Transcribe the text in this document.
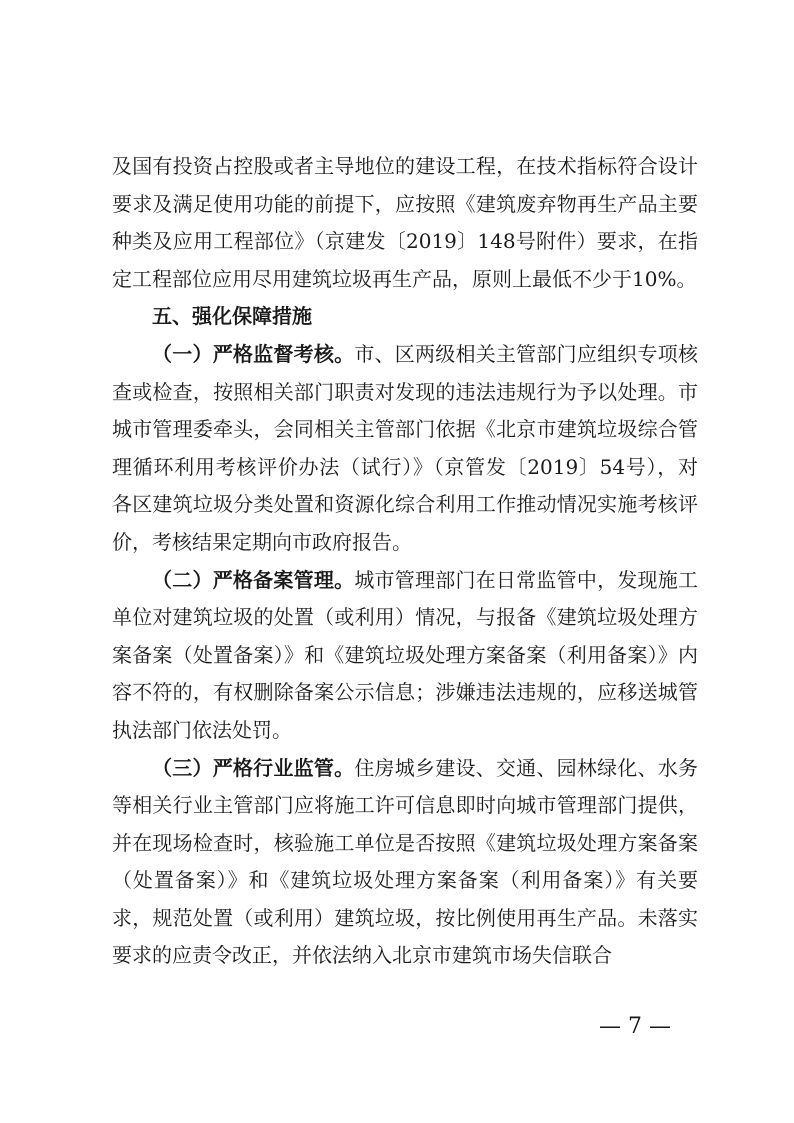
及国有投资占控股或者主导地位的建设工程，在技术指标符合设计要求及满足使用功能的前提下，应按照《建筑废弃物再生产品主要种类及应用工程部位》（京建发〔2019〕148号附件）要求，在指定工程部位应用尽用建筑垃圾再生产品，原则上最低不少于10%。

五、强化保障措施

（一）严格监督考核。市、区两级相关主管部门应组织专项核查或检查，按照相关部门职责对发现的违法违规行为予以处理。市城市管理委牵头，会同相关主管部门依据《北京市建筑垃圾综合管理循环利用考核评价办法（试行）》（京管发〔2019〕54号），对各区建筑垃圾分类处置和资源化综合利用工作推动情况实施考核评价，考核结果定期向市政府报告。

（二）严格备案管理。城市管理部门在日常监管中，发现施工单位对建筑垃圾的处置（或利用）情况，与报备《建筑垃圾处理方案备案（处置备案）》和《建筑垃圾处理方案备案（利用备案）》内容不符的，有权删除备案公示信息；涉嫌违法违规的，应移送城管执法部门依法处罚。

（三）严格行业监管。住房城乡建设、交通、园林绿化、水务等相关行业主管部门应将施工许可信息即时向城市管理部门提供，并在现场检查时，核验施工单位是否按照《建筑垃圾处理方案备案（处置备案）》和《建筑垃圾处理方案备案（利用备案）》有关要求，规范处置（或利用）建筑垃圾，按比例使用再生产品。未落实要求的应责令改正，并依法纳入北京市建筑市场失信联合

— 7 —
